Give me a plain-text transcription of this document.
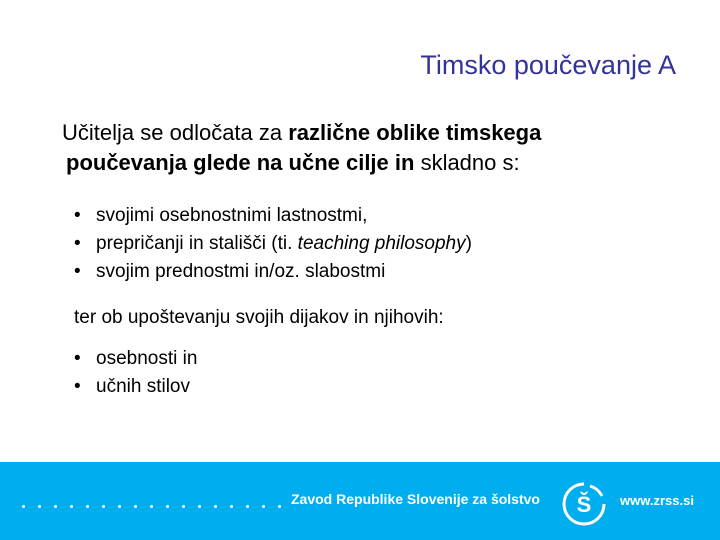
Timsko poučevanje A
Učitelja se odločata za različne oblike timskega
poučevanja glede na učne cilje in skladno s:
• svojimi osebnostnimi lastnostmi,
• prepričanji in stališči (ti. teaching philosophy)
• svojim prednostmi in/oz. slabostmi
ter ob upoštevanju svojih dijakov in njihovih:
• osebnosti in
• učnih stilov
Zavod Republike Slovenije za šolstvo Š www.zrss.si
